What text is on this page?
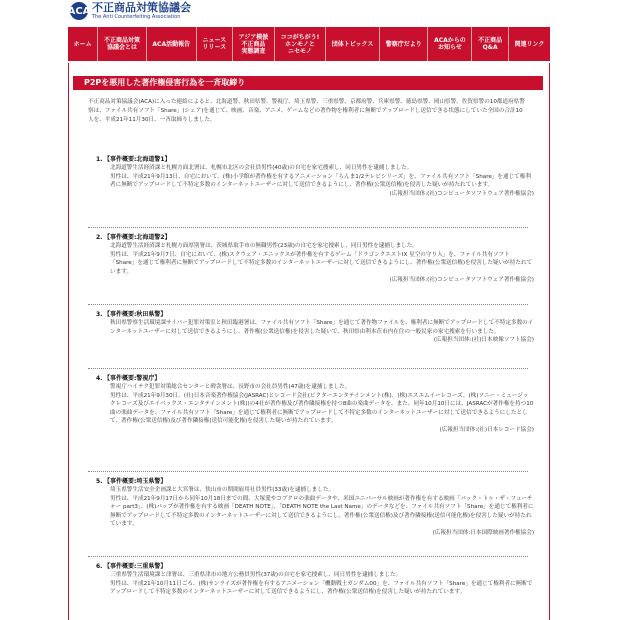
ACA 不正商品対策協議会
The Anti Counterfeiting Association
ホーム	不正商品対策
協議会とは	ACA活動報告	ニュース
リリース
アジア模倣
不正商品
実態調査
ココがちがう!
ホンモノと
ニセモノ
団体トピックス	警察庁だより	ACAからの
お知らせ
不正商品
Q&A	関連リンク
P2Pを悪用した著作権侵害行為を一斉取締り
不正商品対策協議会(ACA)に入った連絡によると、北海道警、秋田県警、警視庁、埼玉県警、三重県警、京都府警、兵庫県警、徳島県警、岡山県警、佐賀県警の10都道府県警察は、ファイル共有ソフト「Share」(シェア)を通じて、映画、音楽、アニメ、ゲームなどの著作物を権利者に無断でアップロードし送信できる状態にしていた全国の合計10人を、平成21年11月30日、一斉取締りしました。
1. 【事件概要:北海道警1】
北海道警生活経済課と札幌方面北署は、札幌市北区の会社員男性(40歳)の自宅を家宅捜索し、同日男性を逮捕しました。
男性は、平成21年9月13日、自宅において、(株)小学館が著作権を有するアニメーション「らんま1/2テレビシリーズ」を、ファイル共有ソフト「Share」を通じて権利者に無断でアップロードして不特定多数のインターネットユーザーに対して送信できるようにし、著作権(公衆送信権)を侵害した疑いが持たれています。
(広報担当団体:(社)コンピュータソフトウェア著作権協会)
2. 【事件概要:北海道警2】
北海道警生活経済課と札幌方面厚別署は、茨城県取手市の無職男性(23歳)の自宅を家宅捜索し、同日男性を逮捕しました。
男性は、平成21年9月7日、自宅において、(株)スクウェア・エニックスが著作権を有するゲーム「ドラゴンクエストIX 星空の守り人」を、ファイル共有ソフト「Share」を通じて権利者に無断でアップロードして不特定多数のインターネットユーザーに対して送信できるようにし、著作権(公衆送信権)を侵害した疑いが持たれています。
(広報担当団体:(社)コンピュータソフトウェア著作権協会)
3. 【事件概要:秋田県警】
秋田県警察生活環境課サイバー犯罪対策室と秋田臨港署は、ファイル共有ソフト「Share」を通じて著作物ファイルを、権利者に無断でアップロードして不特定多数のインターネットユーザーに対して送信できるようにし、著作権(公衆送信権)を侵害した疑いで、秋田県由利本荘市内在住の一般民家の家宅捜索を行いました。
(広報担当団体:(社)日本映像ソフト協会)
4. 【事件概要:警視庁】
警視庁ハイテク犯罪対策総合センターと碑衾署は、長野市の会社員男性(47歳)を逮捕しました。
男性は、平成21年9月30日、(社)日本音楽著作権協会(JASRAC)とレコード会社(ビクターエンタテインメント(株)、(株)エスエムイーレコーズ、(株)ソニー・ミュージックレコーズ及びエイベックス・エンタテインメント(株))の4社が著作権及び著作隣接権を持つ8曲の楽曲データを、また、同年10月10日には、JASRACが著作権を持つ10曲の楽曲データを、ファイル共有ソフト「Share」を通じて権利者に無断でアップロードして不特定多数のインターネットユーザーに対して送信できるようにしたとして、著作権(公衆送信権)及び著作隣接権(送信可能化権)を侵害した疑いが持たれています。
(広報担当団体:(社)日本レコード協会)
5. 【事件概要:埼玉県警】
埼玉県警生活安全企画課と大宮署は、狭山市の期間雇用社員男性(33歳)を逮捕しました。
男性は、平成21年9月17日から同年10月18日までの間、大塚愛やコブクロの楽曲データや、米国ユニバーサル映画が著作権を有する映画「バック・トゥ・ザ・フューチャー part3」、(株)バップが著作権を有する映画「DEATH NOTE」、「DEATH NOTE the Last Name」のデータなどを、ファイル共有ソフト「Share」を通じて権利者に無断でアップロードして不特定多数のインターネットユーザーに対して送信できるようにし、著作権(公衆送信権)及び著作隣接権(送信可能化権)を侵害した疑いが持たれています。
(広報担当団体:日本国際映画著作権協会)
6. 【事件概要:三重県警】
三重県警生活環境課と津署は、三重県津市の地方公務員男性(37歳)の自宅を家宅捜索し、同日男性を逮捕しました。
男性は、平成21年10月11日ごろ、(株)サンライズが著作権を有するアニメーション「機動戦士ガンダム00」を、ファイル共有ソフト「Share」を通じて権利者に無断でアップロードして不特定多数のインターネットユーザーに対して送信できるようにし、著作権(公衆送信権)を侵害した疑いが持たれています。
